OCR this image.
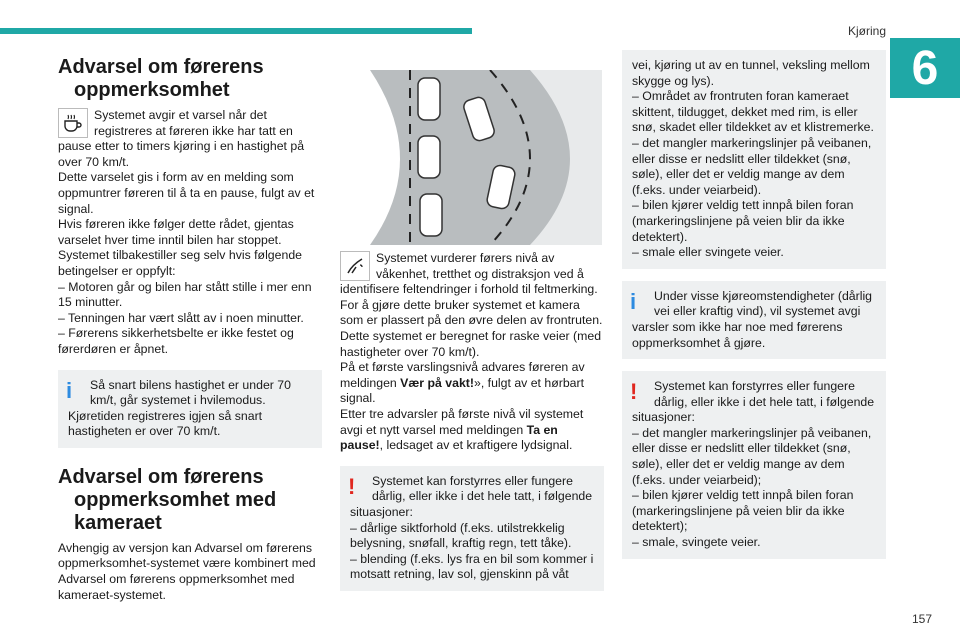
Kjøring
6
157
Advarsel om førerens
oppmerksomhet

Systemet avgir et varsel når det

registreres at føreren ikke har tatt en

pause etter to timers kjøring i en hastighet på over 70 km/t.

Dette varselet gis i form av en melding som oppmuntrer føreren til å ta en pause, fulgt av et signal.

Hvis føreren ikke følger dette rådet, gjentas varselet hver time inntil bilen har stoppet.

Systemet tilbakestiller seg selv hvis følgende betingelser er oppfylt:

– Motoren går og bilen har stått stille i mer enn 15 minutter.

– Tenningen har vært slått av i noen minutter.

– Førerens sikkerhetsbelte er ikke festet og førerdøren er åpnet.

i	Så snart bilens hastighet er under 70

km/t, går systemet i hvilemodus.

Kjøretiden registreres igjen så snart hastigheten er over 70 km/t.

Advarsel om førerens
oppmerksomhet med
kameraet

Avhengig av versjon kan Advarsel om førerens oppmerksomhet-systemet være kombinert med Advarsel om førerens oppmerksomhet med kameraet-systemet.

Systemet vurderer førers nivå av

våkenhet, tretthet og distraksjon ved å

identifisere feltendringer i forhold til feltmerking.

For å gjøre dette bruker systemet et kamera som er plassert på den øvre delen av frontruten.

Dette systemet er beregnet for raske veier (med hastigheter over 70 km/t).

På et første varslingsnivå advares føreren av meldingen Vær på vakt!», fulgt av et hørbart signal.

Etter tre advarsler på første nivå vil systemet avgi et nytt varsel med meldingen Ta en pause!, ledsaget av et kraftigere lydsignal.

!	Systemet kan forstyrres eller fungere

dårlig, eller ikke i det hele tatt, i følgende

situasjoner:

– dårlige siktforhold (f.eks. utilstrekkelig belysning, snøfall, kraftig regn, tett tåke).

– blending (f.eks. lys fra en bil som kommer i motsatt retning, lav sol, gjenskinn på våt

vei, kjøring ut av en tunnel, veksling mellom skygge og lys).

– Området av frontruten foran kameraet skittent, tildugget, dekket med rim, is eller snø, skadet eller tildekket av et klistremerke.

– det mangler markeringslinjer på veibanen, eller disse er nedslitt eller tildekket (snø, søle), eller det er veldig mange av dem (f.eks. under veiarbeid).

– bilen kjører veldig tett innpå bilen foran (markeringslinjene på veien blir da ikke detektert).

– smale eller svingete veier.

i	Under visse kjøreomstendigheter (dårlig

vei eller kraftig vind), vil systemet avgi

varsler som ikke har noe med førerens oppmerksomhet å gjøre.

!	Systemet kan forstyrres eller fungere

dårlig, eller ikke i det hele tatt, i følgende

situasjoner:

– det mangler markeringslinjer på veibanen, eller disse er nedslitt eller tildekket (snø, søle), eller det er veldig mange av dem (f.eks. under veiarbeid);

– bilen kjører veldig tett innpå bilen foran (markeringslinjene på veien blir da ikke detektert);

– smale, svingete veier.
